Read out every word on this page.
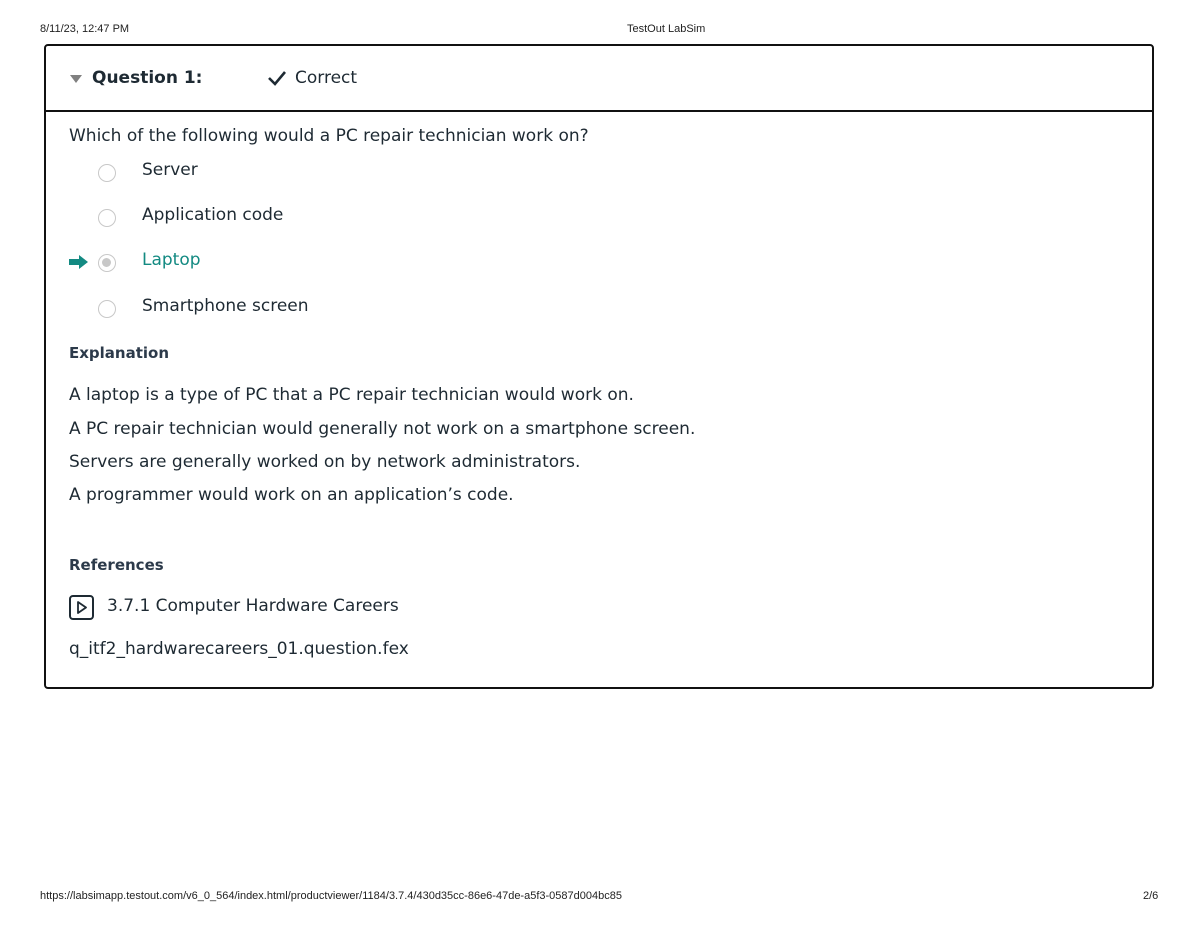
8/11/23, 12:47 PM	TestOut LabSim
Question 1:	Correct
Which of the following would a PC repair technician work on?
Server
Application code
Laptop
Smartphone screen
Explanation
A laptop is a type of PC that a PC repair technician would work on.
A PC repair technician would generally not work on a smartphone screen.
Servers are generally worked on by network administrators.
A programmer would work on an application’s code.
References
3.7.1 Computer Hardware Careers
q_itf2_hardwarecareers_01.question.fex
https://labsimapp.testout.com/v6_0_564/index.html/productviewer/1184/3.7.4/430d35cc-86e6-47de-a5f3-0587d004bc85	2/6
